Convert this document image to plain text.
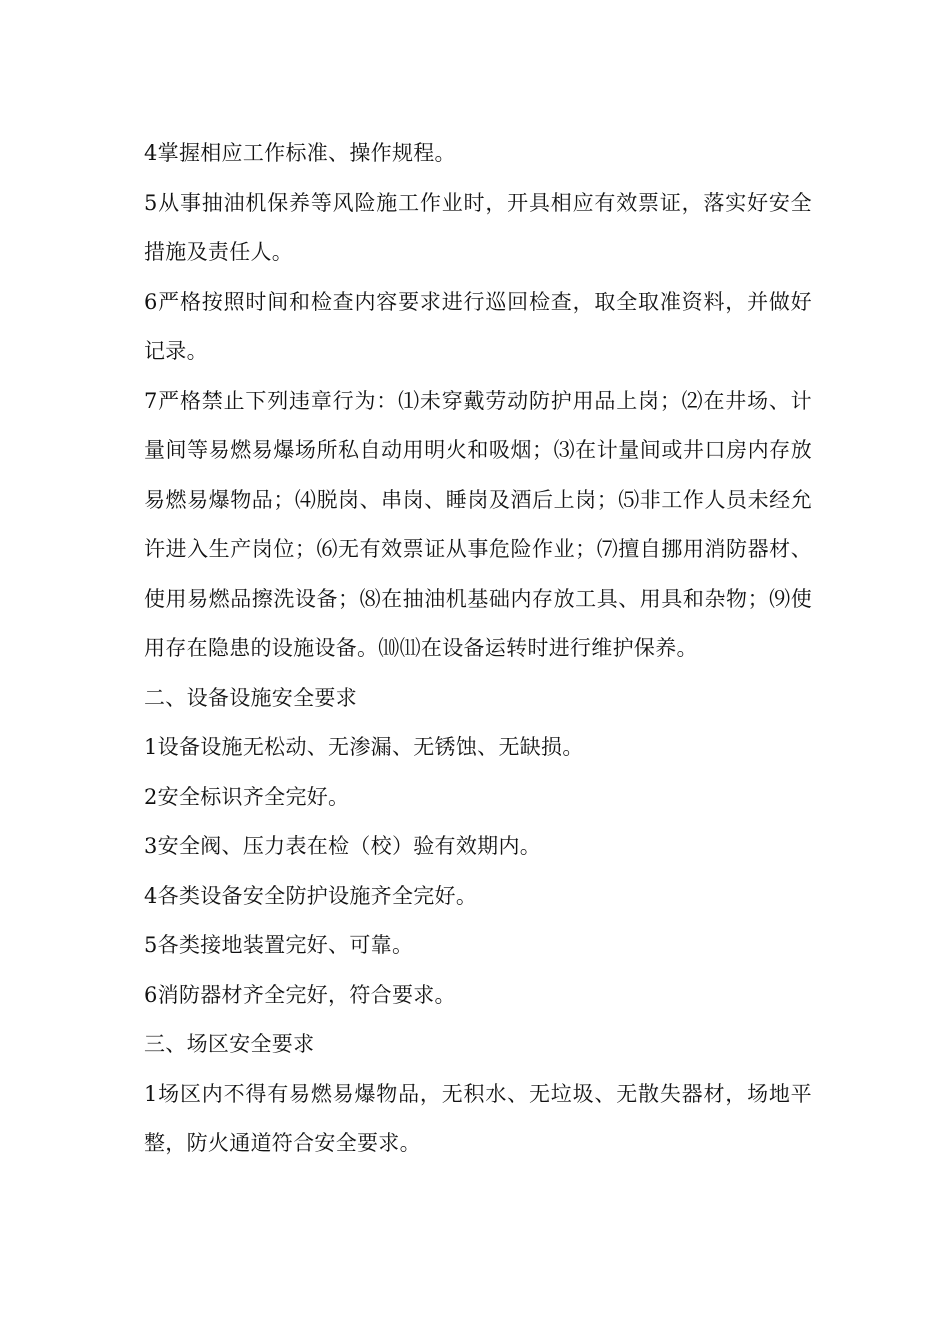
4掌握相应工作标准、操作规程。

5从事抽油机保养等风险施工作业时，开具相应有效票证，落实好安全措施及责任人。

6严格按照时间和检查内容要求进行巡回检查，取全取准资料，并做好记录。

7严格禁止下列违章行为：⑴未穿戴劳动防护用品上岗；⑵在井场、计量间等易燃易爆场所私自动用明火和吸烟；⑶在计量间或井口房内存放易燃易爆物品；⑷脱岗、串岗、睡岗及酒后上岗；⑸非工作人员未经允许进入生产岗位；⑹无有效票证从事危险作业；⑺擅自挪用消防器材、使用易燃品擦洗设备；⑻在抽油机基础内存放工具、用具和杂物；⑼使用存在隐患的设施设备。⑽⑾在设备运转时进行维护保养。

二、设备设施安全要求

1设备设施无松动、无渗漏、无锈蚀、无缺损。

2安全标识齐全完好。

3安全阀、压力表在检（校）验有效期内。

4各类设备安全防护设施齐全完好。

5各类接地装置完好、可靠。

6消防器材齐全完好，符合要求。

三、场区安全要求

1场区内不得有易燃易爆物品，无积水、无垃圾、无散失器材，场地平整，防火通道符合安全要求。
